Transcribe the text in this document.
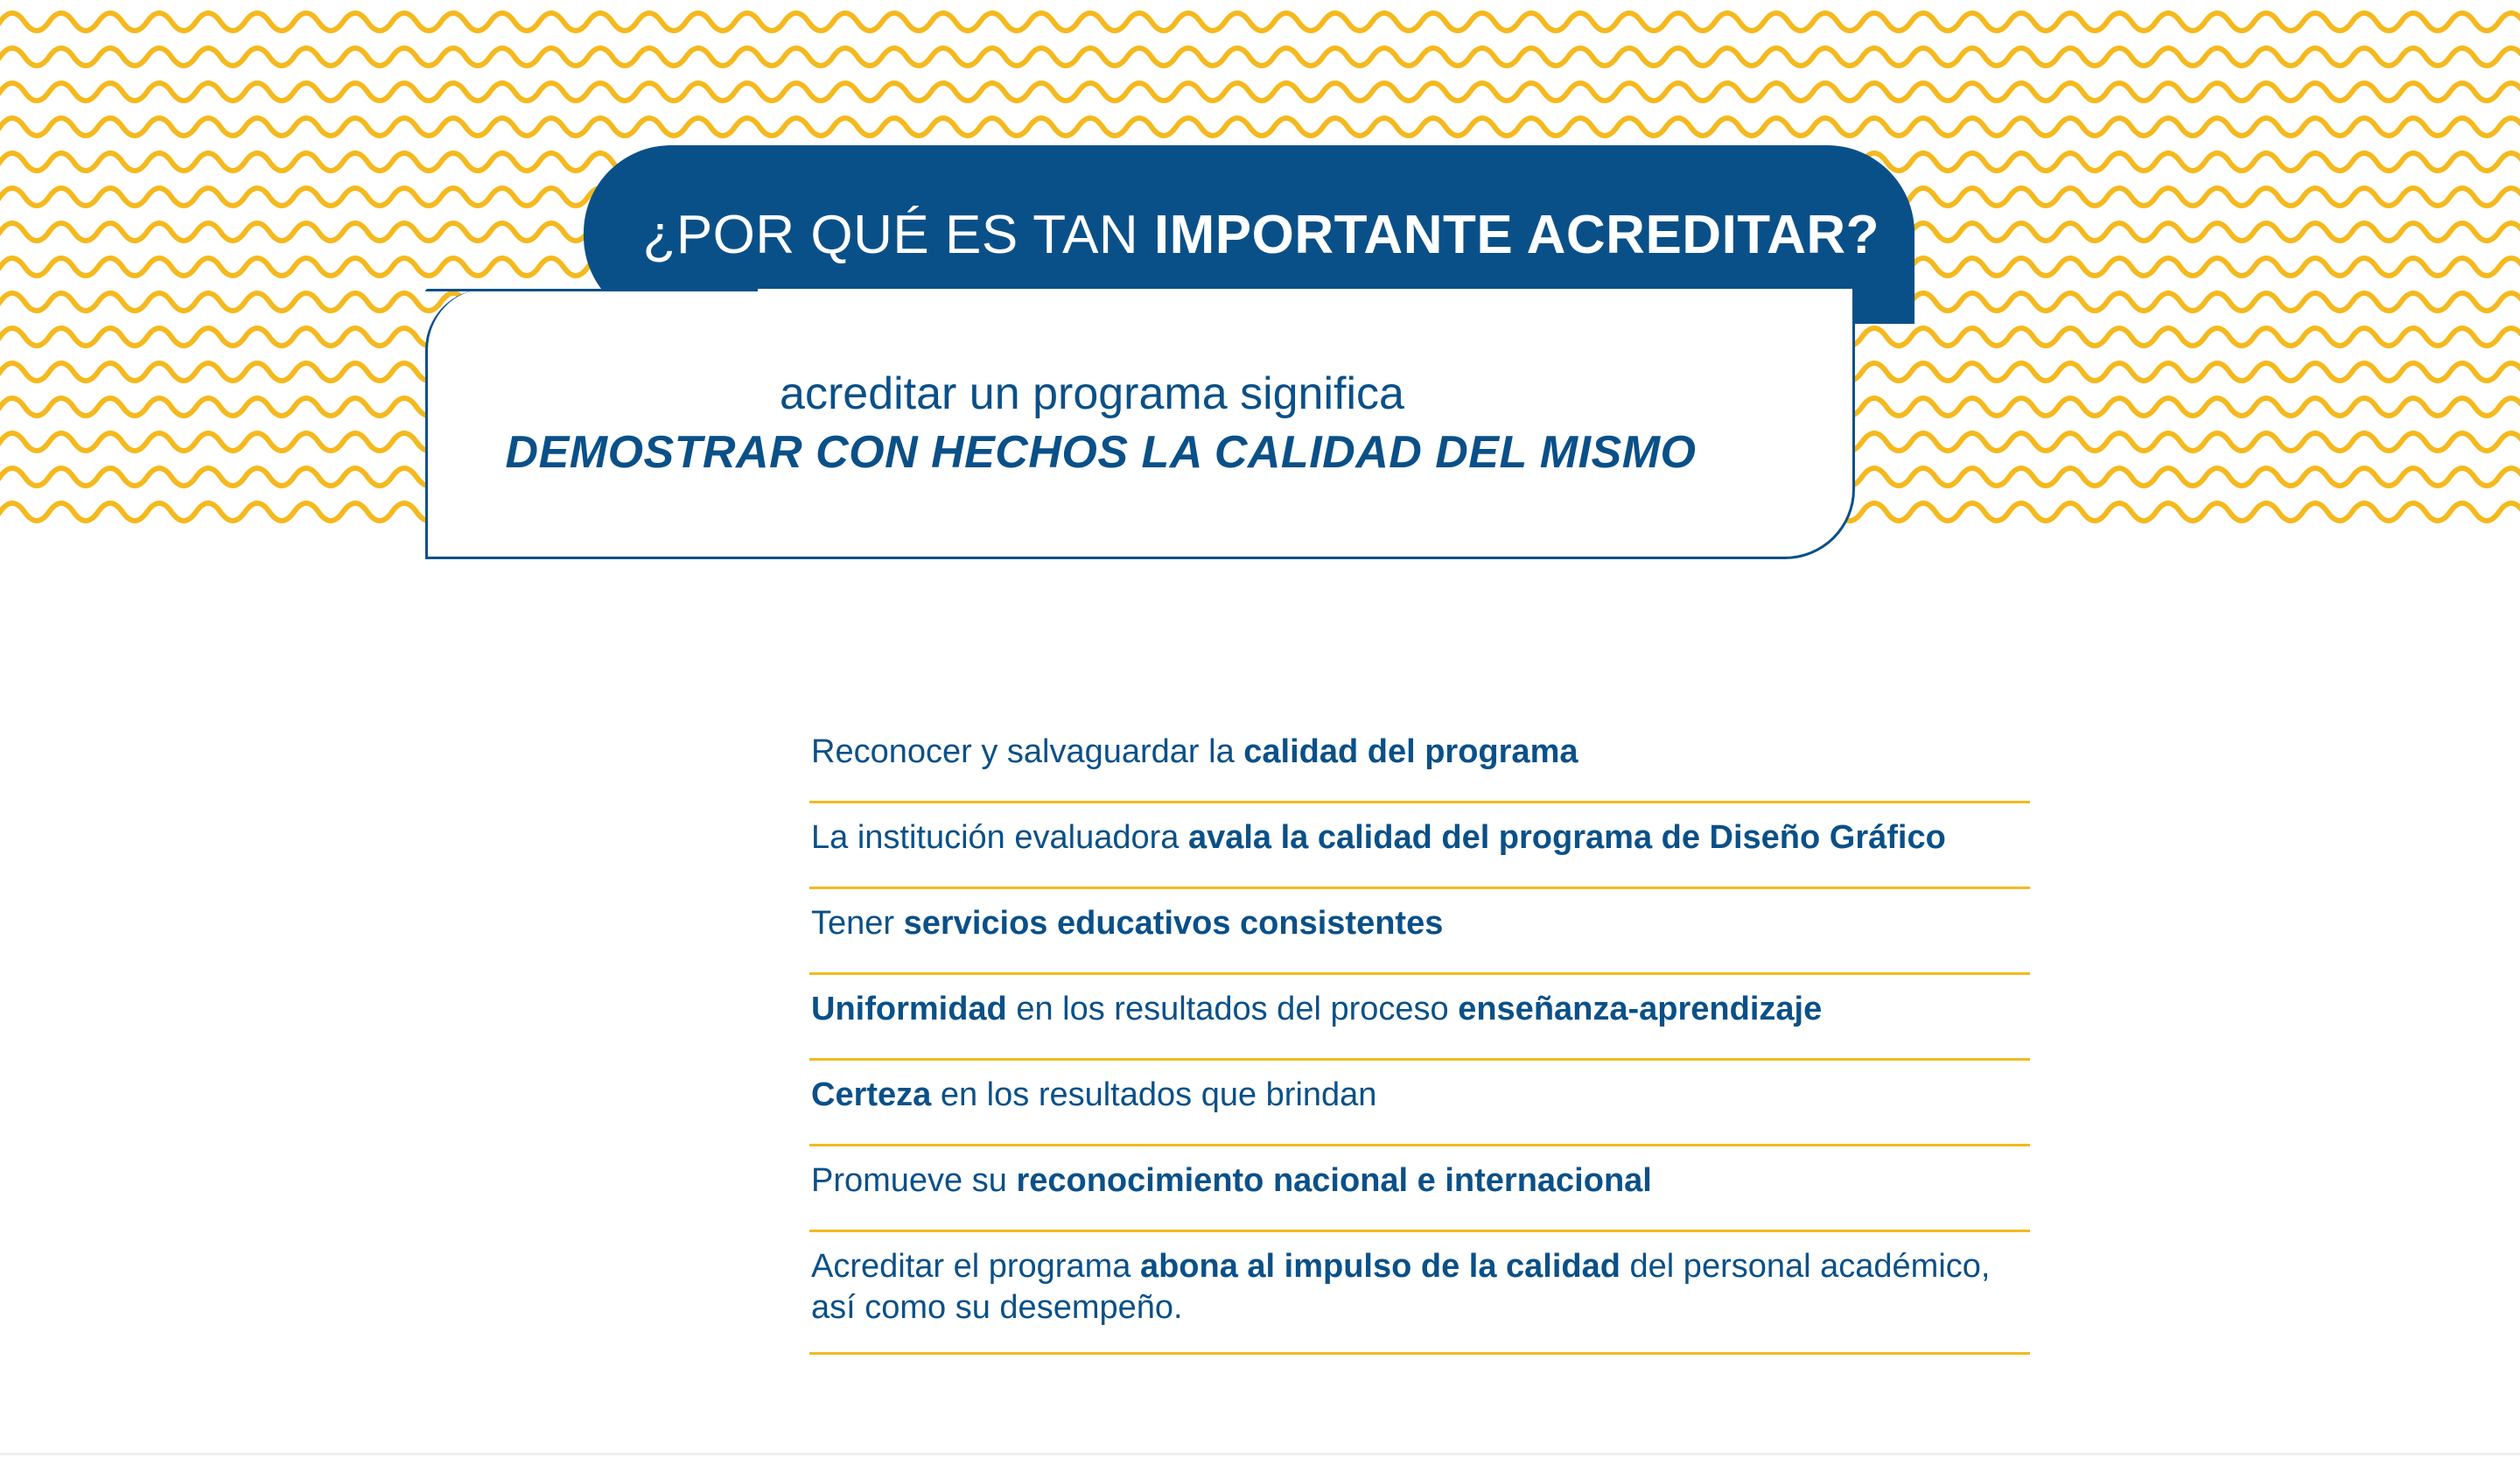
¿POR QUÉ ES TAN IMPORTANTE ACREDITAR?
acreditar un programa significa
DEMOSTRAR CON HECHOS LA CALIDAD DEL MISMO
Reconocer y salvaguardar la calidad del programa
La institución evaluadora avala la calidad del programa de Diseño Gráfico
Tener servicios educativos consistentes
Uniformidad en los resultados del proceso enseñanza-aprendizaje
Certeza en los resultados que brindan
Promueve su reconocimiento nacional e internacional
Acreditar el programa abona al impulso de la calidad del personal académico, así como su desempeño.
